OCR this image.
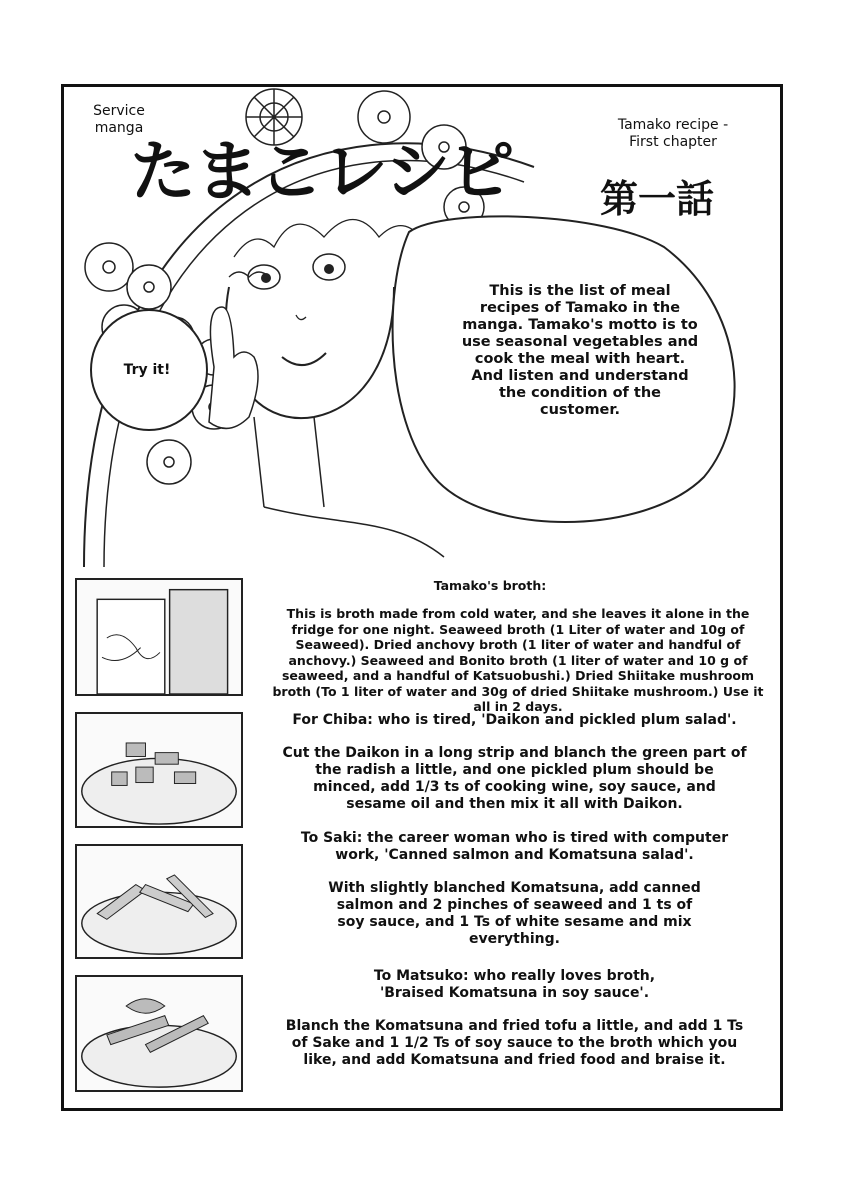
Service
manga
たまこレシピ
Tamako recipe -
First chapter
第一話
This is the list of meal recipes of Tamako in the manga. Tamako's motto is to use seasonal vegetables and cook the meal with heart. And listen and understand the condition of the customer.
Try it!
Tamako's broth:
This is broth made from cold water, and she leaves it alone in the fridge for one night. Seaweed broth (1 Liter of water and 10g of Seaweed). Dried anchovy broth (1 liter of water and handful of anchovy.) Seaweed and Bonito broth (1 liter of water and 10 g of seaweed, and a handful of Katsuobushi.) Dried Shiitake mushroom broth (To 1 liter of water and 30g of dried Shiitake mushroom.) Use it all in 2 days.

For Chiba: who is tired, 'Daikon and pickled plum salad'.

Cut the Daikon in a long strip and blanch the green part of the radish a little, and one pickled plum should be minced, add 1/3 ts of cooking wine, soy sauce, and sesame oil and then mix it all with Daikon.

To Saki: the career woman who is tired with computer work, 'Canned salmon and Komatsuna salad'.

With slightly blanched Komatsuna, add canned salmon and 2 pinches of seaweed and 1 ts of soy sauce, and 1 Ts of white sesame and mix everything.

To Matsuko: who really loves broth, 'Braised Komatsuna in soy sauce'.

Blanch the Komatsuna and fried tofu a little, and add 1 Ts of Sake and 1 1/2 Ts of soy sauce to the broth which you like, and add Komatsuna and fried food and braise it.
